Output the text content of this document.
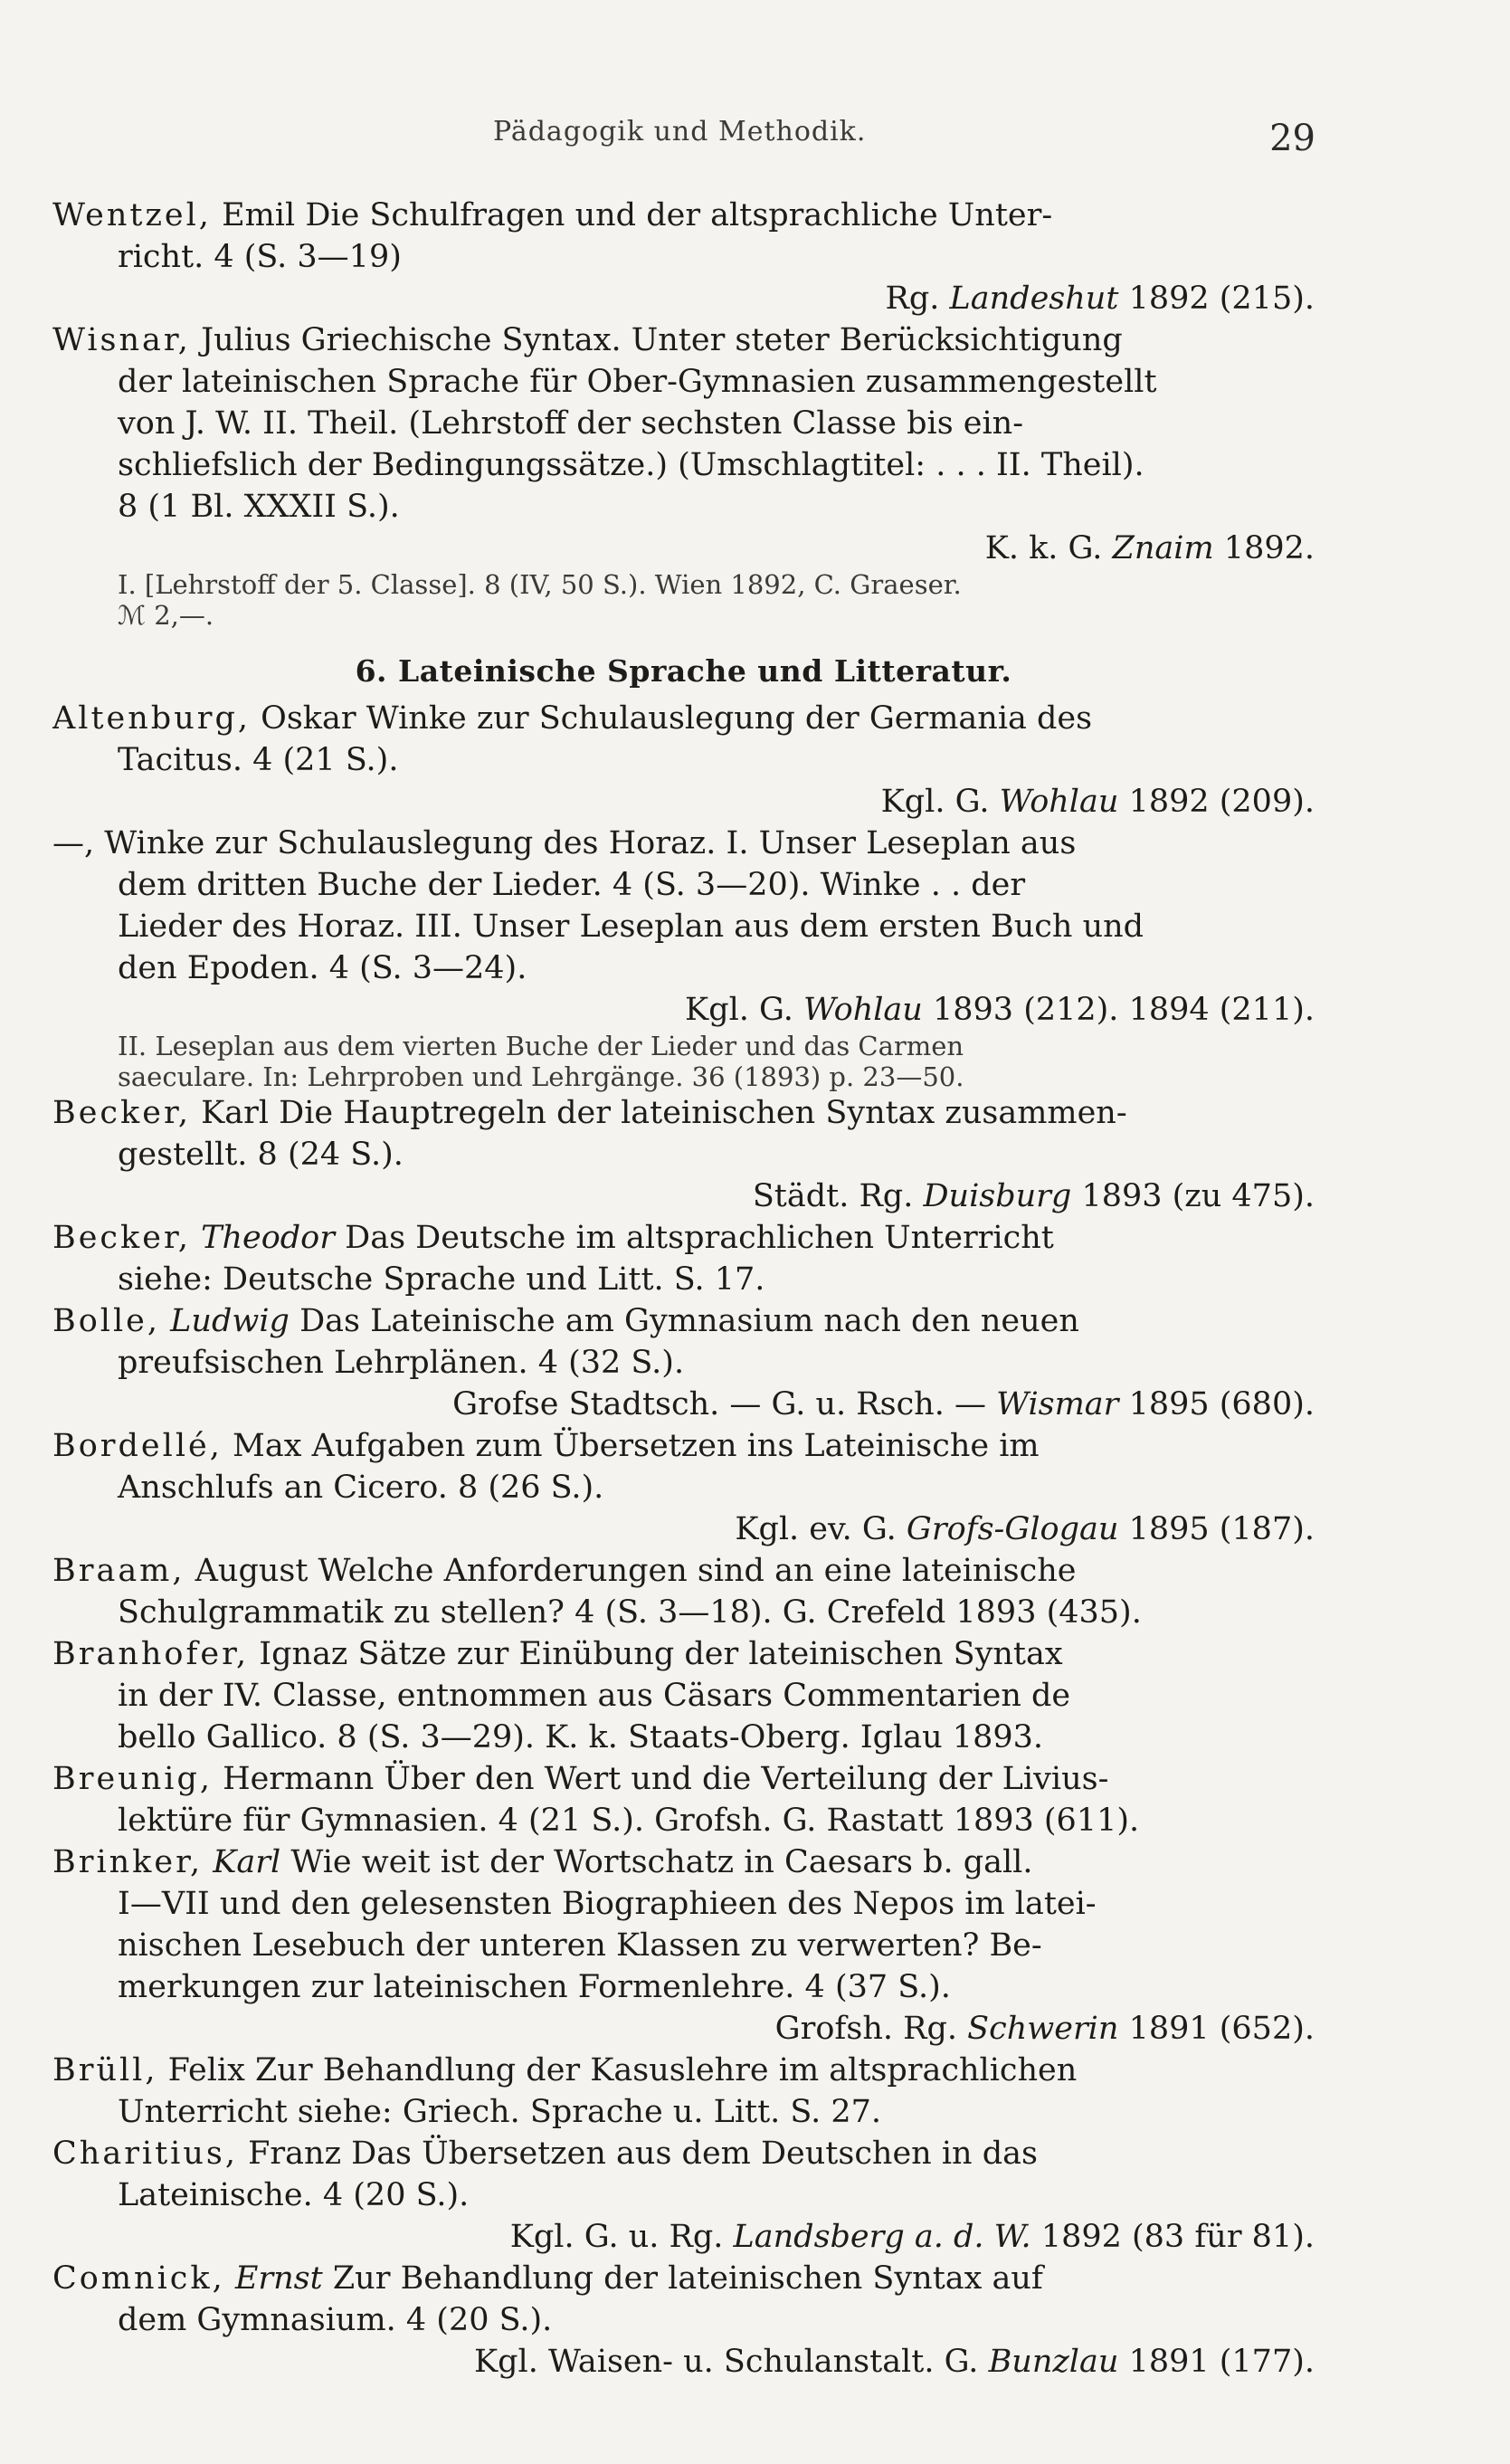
Pädagogik und Methodik.	29
Wentzel, Emil Die Schulfragen und der altsprachliche Unter-
richt. 4 (S. 3—19)
Rg. Landeshut 1892 (215).
Wisnar, Julius Griechische Syntax. Unter steter Berücksichtigung
der lateinischen Sprache für Ober-Gymnasien zusammengestellt
von J. W. II. Theil. (Lehrstoff der sechsten Classe bis ein-
schliefslich der Bedingungssätze.) (Umschlagtitel: . . . II. Theil).
8 (1 Bl. XXXII S.).
K. k. G. Znaim 1892.
I. [Lehrstoff der 5. Classe]. 8 (IV, 50 S.). Wien 1892, C. Graeser.
ℳ 2,—.
6. Lateinische Sprache und Litteratur.
Altenburg, Oskar Winke zur Schulauslegung der Germania des
Tacitus. 4 (21 S.).
Kgl. G. Wohlau 1892 (209).
—, Winke zur Schulauslegung des Horaz. I. Unser Leseplan aus
dem dritten Buche der Lieder. 4 (S. 3—20). Winke . . der
Lieder des Horaz. III. Unser Leseplan aus dem ersten Buch und
den Epoden. 4 (S. 3—24).
Kgl. G. Wohlau 1893 (212). 1894 (211).
II. Leseplan aus dem vierten Buche der Lieder und das Carmen
saeculare. In: Lehrproben und Lehrgänge. 36 (1893) p. 23—50.
Becker, Karl Die Hauptregeln der lateinischen Syntax zusammen-
gestellt. 8 (24 S.).
Städt. Rg. Duisburg 1893 (zu 475).
Becker, Theodor Das Deutsche im altsprachlichen Unterricht
siehe: Deutsche Sprache und Litt. S. 17.
Bolle, Ludwig Das Lateinische am Gymnasium nach den neuen
preufsischen Lehrplänen. 4 (32 S.).
Grofse Stadtsch. — G. u. Rsch. — Wismar 1895 (680).
Bordellé, Max Aufgaben zum Übersetzen ins Lateinische im
Anschlufs an Cicero. 8 (26 S.).
Kgl. ev. G. Grofs-Glogau 1895 (187).
Braam, August Welche Anforderungen sind an eine lateinische
Schulgrammatik zu stellen? 4 (S. 3—18). G. Crefeld 1893 (435).
Branhofer, Ignaz Sätze zur Einübung der lateinischen Syntax
in der IV. Classe, entnommen aus Cäsars Commentarien de
bello Gallico. 8 (S. 3—29). K. k. Staats-Oberg. Iglau 1893.
Breunig, Hermann Über den Wert und die Verteilung der Livius-
lektüre für Gymnasien. 4 (21 S.). Grofsh. G. Rastatt 1893 (611).
Brinker, Karl Wie weit ist der Wortschatz in Caesars b. gall.
I—VII und den gelesensten Biographieen des Nepos im latei-
nischen Lesebuch der unteren Klassen zu verwerten? Be-
merkungen zur lateinischen Formenlehre. 4 (37 S.).
Grofsh. Rg. Schwerin 1891 (652).
Brüll, Felix Zur Behandlung der Kasuslehre im altsprachlichen
Unterricht siehe: Griech. Sprache u. Litt. S. 27.
Charitius, Franz Das Übersetzen aus dem Deutschen in das
Lateinische. 4 (20 S.).
Kgl. G. u. Rg. Landsberg a. d. W. 1892 (83 für 81).
Comnick, Ernst Zur Behandlung der lateinischen Syntax auf
dem Gymnasium. 4 (20 S.).
Kgl. Waisen- u. Schulanstalt. G. Bunzlau 1891 (177).
